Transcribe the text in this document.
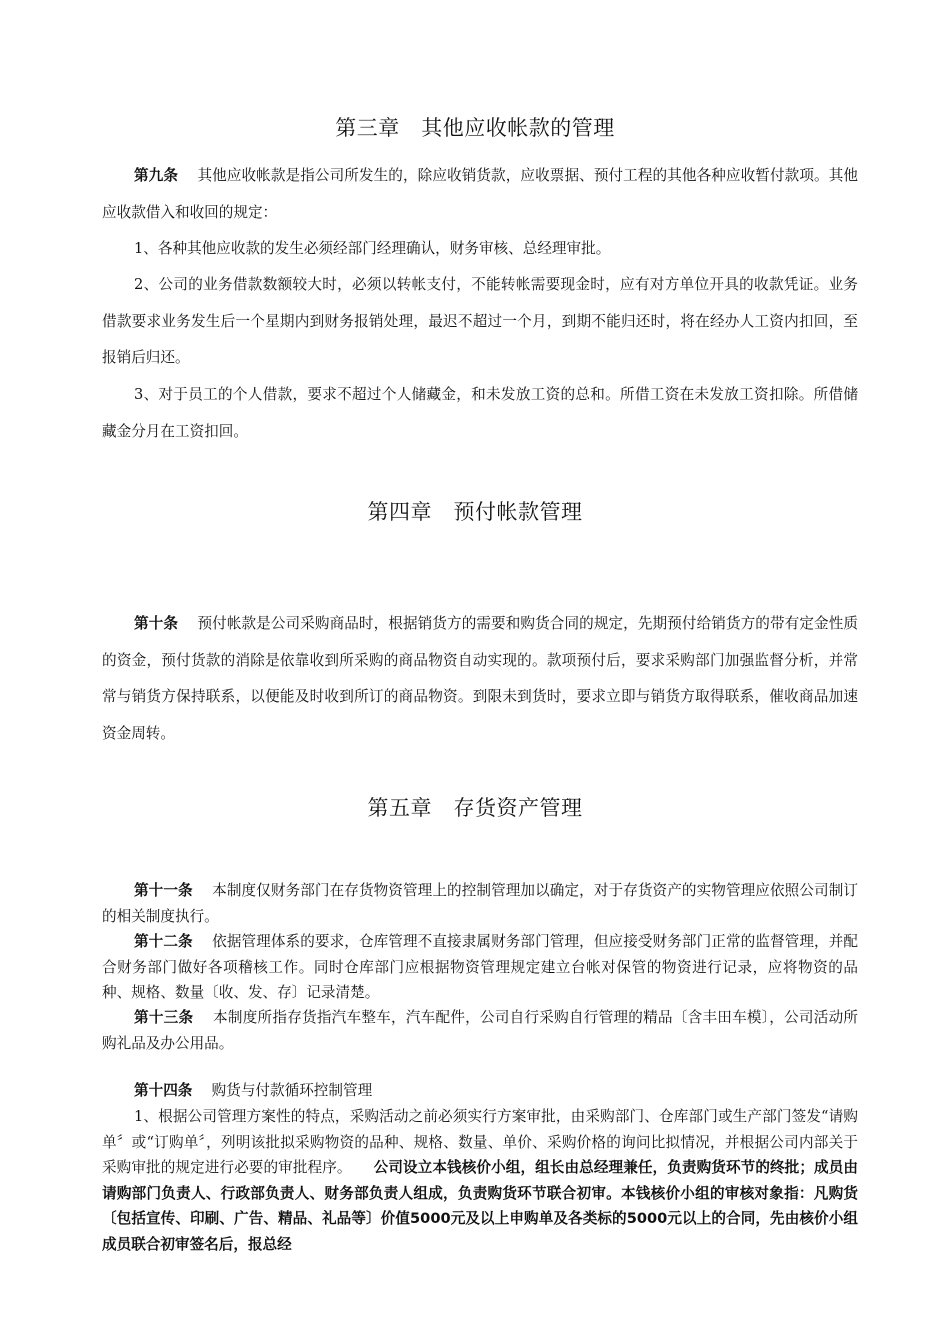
第三章　其他应收帐款的管理
第九条　 其他应收帐款是指公司所发生的，除应收销货款，应收票据、预付工程的其他各种应收暂付款项。其他应收款借入和收回的规定：
1、各种其他应收款的发生必须经部门经理确认，财务审核、总经理审批。
2、公司的业务借款数额较大时，必须以转帐支付，不能转帐需要现金时，应有对方单位开具的收款凭证。业务借款要求业务发生后一个星期内到财务报销处理，最迟不超过一个月，到期不能归还时，将在经办人工资内扣回，至报销后归还。
3、对于员工的个人借款，要求不超过个人储藏金，和未发放工资的总和。所借工资在未发放工资扣除。所借储藏金分月在工资扣回。
第四章　预付帐款管理
第十条　 预付帐款是公司采购商品时，根据销货方的需要和购货合同的规定，先期预付给销货方的带有定金性质的资金，预付货款的消除是依靠收到所采购的商品物资自动实现的。款项预付后，要求采购部门加强监督分析，并常常与销货方保持联系，以便能及时收到所订的商品物资。到限未到货时，要求立即与销货方取得联系，催收商品加速资金周转。
第五章　存货资产管理
第十一条　 本制度仅财务部门在存货物资管理上的控制管理加以确定，对于存货资产的实物管理应依照公司制订的相关制度执行。
第十二条　 依据管理体系的要求，仓库管理不直接隶属财务部门管理，但应接受财务部门正常的监督管理，并配合财务部门做好各项稽核工作。同时仓库部门应根据物资管理规定建立台帐对保管的物资进行记录，应将物资的品种、规格、数量〔收、发、存〕记录清楚。
第十三条　 本制度所指存货指汽车整车，汽车配件，公司自行采购自行管理的精品〔含丰田车模〕，公司活动所购礼品及办公用品。
第十四条　 购货与付款循环控制管理
1、根据公司管理方案性的特点，采购活动之前必须实行方案审批，由采购部门、仓库部门或生产部门签发“请购单〞或“订购单〞，列明该批拟采购物资的品种、规格、数量、单价、采购价格的询问比拟情况，并根据公司内部关于采购审批的规定进行必要的审批程序。　　 公司设立本钱核价小组，组长由总经理兼任，负责购货环节的终批；成员由请购部门负责人、行政部负责人、财务部负责人组成，负责购货环节联合初审。本钱核价小组的审核对象指：凡购货〔包括宣传、印刷、广告、精品、礼品等〕价值5000元及以上申购单及各类标的5000元以上的合同，先由核价小组成员联合初审签名后，报总经
